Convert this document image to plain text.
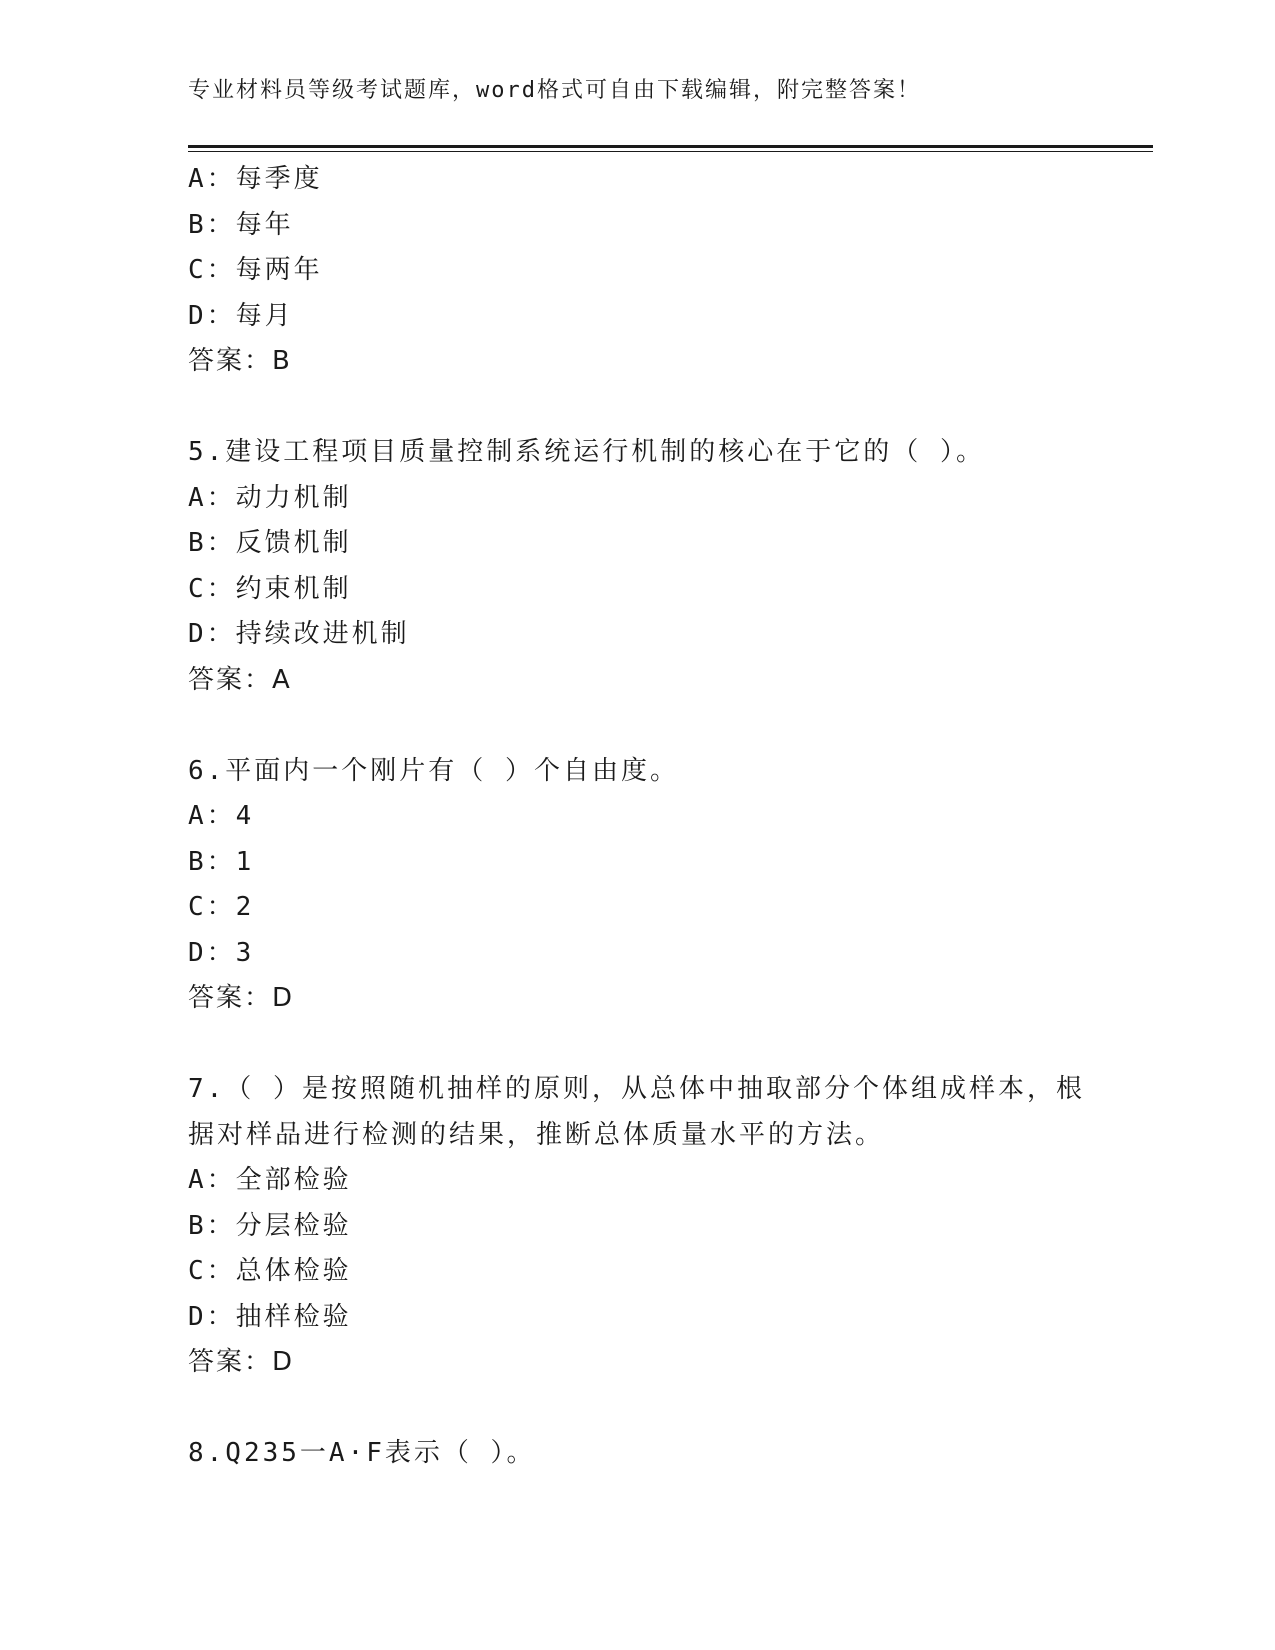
专业材料员等级考试题库，word格式可自由下载编辑，附完整答案！
A：每季度
B：每年
C：每两年
D：每月
答案：B
5.建设工程项目质量控制系统运行机制的核心在于它的（ ）。
A：动力机制
B：反馈机制
C：约束机制
D：持续改进机制
答案：A
6.平面内一个刚片有（ ）个自由度。
A：4
B：1
C：2
D：3
答案：D
7.（ ）是按照随机抽样的原则，从总体中抽取部分个体组成样本，根
据对样品进行检测的结果，推断总体质量水平的方法。
A：全部检验
B：分层检验
C：总体检验
D：抽样检验
答案：D
8.Q235一A·F表示（ ）。
